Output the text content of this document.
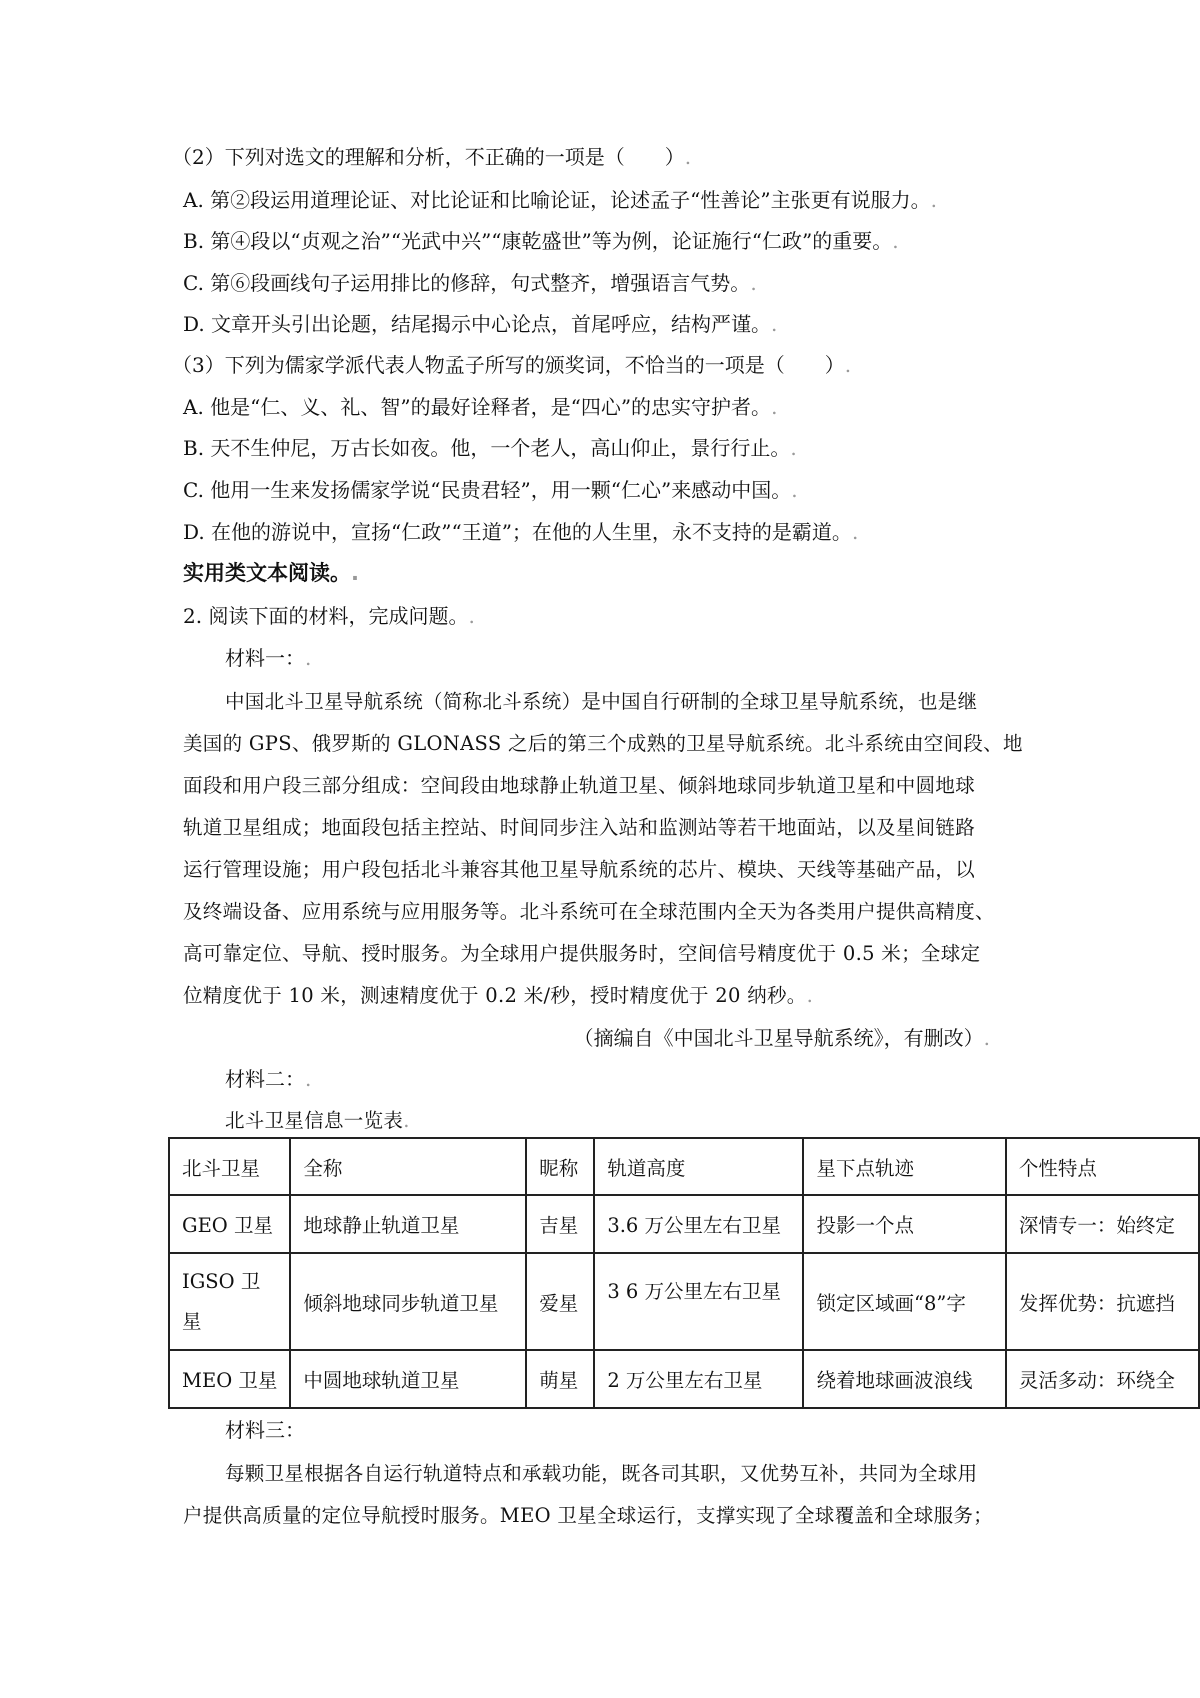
（2）下列对选文的理解和分析，不正确的一项是（　　）.
A. 第②段运用道理论证、对比论证和比喻论证，论述孟子“性善论”主张更有说服力。.
B. 第④段以“贞观之治”“光武中兴”“康乾盛世”等为例，论证施行“仁政”的重要。.
C. 第⑥段画线句子运用排比的修辞，句式整齐，增强语言气势。.
D. 文章开头引出论题，结尾揭示中心论点，首尾呼应，结构严谨。.
（3）下列为儒家学派代表人物孟子所写的颁奖词，不恰当的一项是（　　）.
A. 他是“仁、义、礼、智”的最好诠释者，是“四心”的忠实守护者。.
B. 天不生仲尼，万古长如夜。他，一个老人，高山仰止，景行行止。.
C. 他用一生来发扬儒家学说“民贵君轻”，用一颗“仁心”来感动中国。.
D. 在他的游说中，宣扬“仁政”“王道”；在他的人生里，永不支持的是霸道。.
实用类文本阅读。.
2. 阅读下面的材料，完成问题。.
材料一：.
中国北斗卫星导航系统（简称北斗系统）是中国自行研制的全球卫星导航系统，也是继
美国的 GPS、俄罗斯的 GLONASS 之后的第三个成熟的卫星导航系统。北斗系统由空间段、地
面段和用户段三部分组成：空间段由地球静止轨道卫星、倾斜地球同步轨道卫星和中圆地球
轨道卫星组成；地面段包括主控站、时间同步注入站和监测站等若干地面站，以及星间链路
运行管理设施；用户段包括北斗兼容其他卫星导航系统的芯片、模块、天线等基础产品，以
及终端设备、应用系统与应用服务等。北斗系统可在全球范围内全天为各类用户提供高精度、
高可靠定位、导航、授时服务。为全球用户提供服务时，空间信号精度优于 0.5 米；全球定
位精度优于 10 米，测速精度优于 0.2 米/秒，授时精度优于 20 纳秒。.
（摘编自《中国北斗卫星导航系统》，有删改）.
材料二：.
北斗卫星信息一览表.
北斗卫星	全称	昵称	轨道高度	星下点轨迹	个性特点
GEO 卫星	地球静止轨道卫星	吉星	3.6 万公里左右卫星	投影一个点	深情专一：始终定
IGSO 卫星	倾斜地球同步轨道卫星	爱星	3 6 万公里左右卫星	锁定区域画“8”字	发挥优势：抗遮挡
MEO 卫星	中圆地球轨道卫星	萌星	2 万公里左右卫星	绕着地球画波浪线	灵活多动：环绕全
材料三：
每颗卫星根据各自运行轨道特点和承载功能，既各司其职，又优势互补，共同为全球用
户提供高质量的定位导航授时服务。MEO 卫星全球运行，支撑实现了全球覆盖和全球服务；
